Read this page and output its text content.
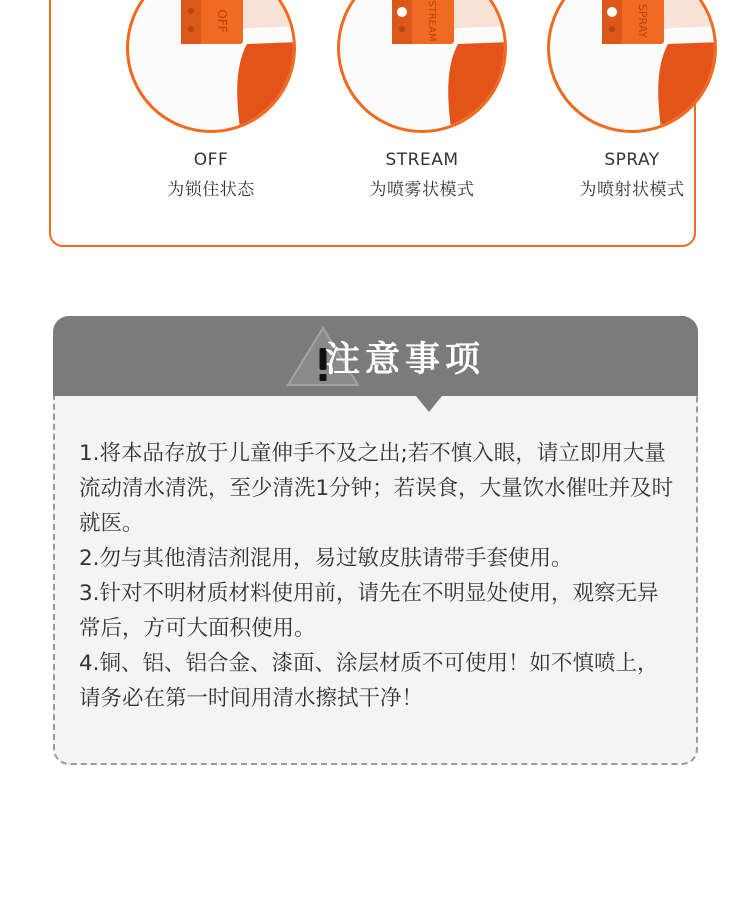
OFF
OFF
为锁住状态
STREAM
STREAM
为喷雾状模式
SPRAY
SPRAY
为喷射状模式
注意事项
1.将本品存放于儿童伸手不及之出;若不慎入眼，请立即用大量流动清水清洗，至少清洗1分钟；若误食，大量饮水催吐并及时就医。
2.勿与其他清洁剂混用，易过敏皮肤请带手套使用。
3.针对不明材质材料使用前，请先在不明显处使用，观察无异常后，方可大面积使用。
4.铜、铝、铝合金、漆面、涂层材质不可使用！如不慎喷上，请务必在第一时间用清水擦拭干净！
